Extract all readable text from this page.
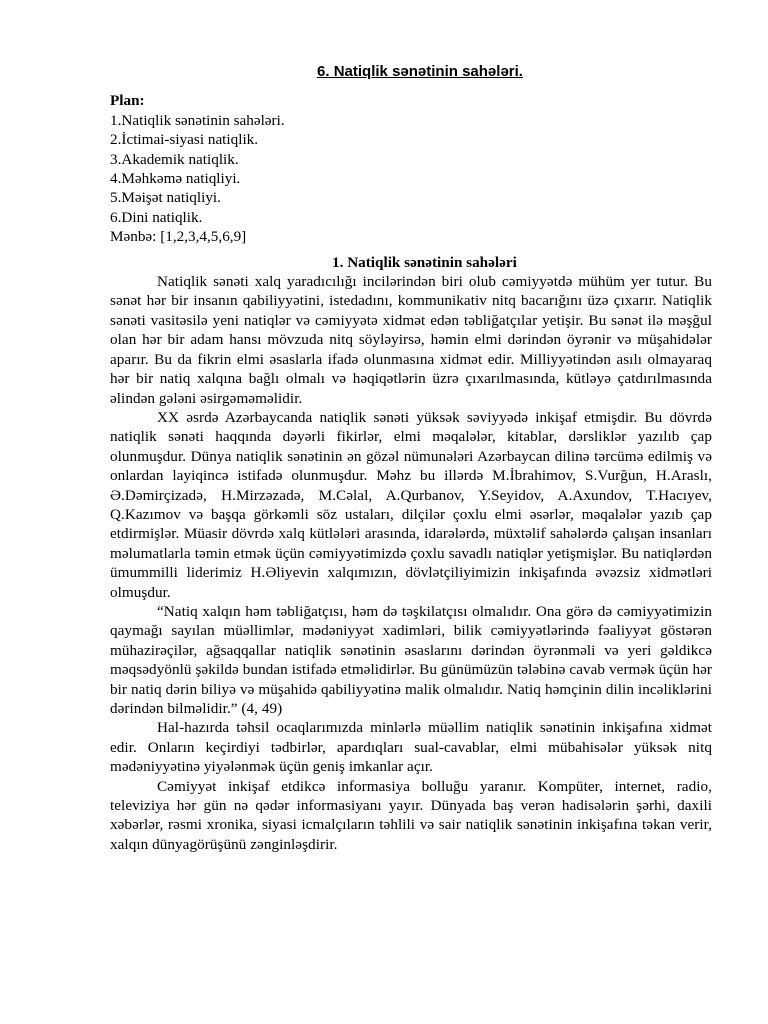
6. Natiqlik sənətinin sahələri.
Plan:
1.Natiqlik sənətinin sahələri.
2.İctimai-siyasi natiqlik.
3.Akademik natiqlik.
4.Məhkəmə natiqliyi.
5.Məişət natiqliyi.
6.Dini natiqlik.
Mənbə: [1,2,3,4,5,6,9]
1. Natiqlik sənətinin sahələri

Natiqlik sənəti xalq yaradıcılığı incilərindən biri olub cəmiyyətdə mühüm yer tutur. Bu sənət hər bir insanın qabiliyyətini, istedadını, kommunikativ nitq bacarığını üzə çıxarır. Natiqlik sənəti vasitəsilə yeni natiqlər və cəmiyyətə xidmət edən təbliğatçılar yetişir. Bu sənət ilə məşğul olan hər bir adam hansı mövzuda nitq söyləyirsə, həmin elmi dərindən öyrənir və müşahidələr aparır. Bu da fikrin elmi əsaslarla ifadə olunmasına xidmət edir. Milliyyətindən asılı olmayaraq hər bir natiq xalqına bağlı olmalı və həqiqətlərin üzrə çıxarılmasında, kütləyə çatdırılmasında əlindən gələni əsirgəməməlidir.

XX əsrdə Azərbaycanda natiqlik sənəti yüksək səviyyədə inkişaf etmişdir. Bu dövrdə natiqlik sənəti haqqında dəyərli fikirlər, elmi məqalələr, kitablar, dərsliklər yazılıb çap olunmuşdur. Dünya natiqlik sənətinin ən gözəl nümunələri Azərbaycan dilinə tərcümə edilmiş və onlardan layiqincə istifadə olunmuşdur. Məhz bu illərdə M.İbrahimov, S.Vurğun, H.Araslı, Ə.Dəmirçizadə, H.Mirzəzadə, M.Cəlal, A.Qurbanov, Y.Seyidov, A.Axundov, T.Hacıyev, Q.Kazımov və başqa görkəmli söz ustaları, dilçilər çoxlu elmi əsərlər, məqalələr yazıb çap etdirmişlər. Müasir dövrdə xalq kütlələri arasında, idarələrdə, müxtəlif sahələrdə çalışan insanları məlumatlarla təmin etmək üçün cəmiyyətimizdə çoxlu savadlı natiqlər yetişmişlər. Bu natiqlərdən ümummilli liderimiz H.Əliyevin xalqımızın, dövlətçiliyimizin inkişafında əvəzsiz xidmətləri olmuşdur.

“Natiq xalqın həm təbliğatçısı, həm də təşkilatçısı olmalıdır. Ona görə də cəmiyyətimizin qaymağı sayılan müəllimlər, mədəniyyət xadimləri, bilik cəmiyyətlərində fəaliyyət göstərən mühazirəçilər, ağsaqqallar natiqlik sənətinin əsaslarını dərindən öyrənməli və yeri gəldikcə məqsədyönlü şəkildə bundan istifadə etməlidirlər. Bu günümüzün tələbinə cavab vermək üçün hər bir natiq dərin biliyə və müşahidə qabiliyyətinə malik olmalıdır. Natiq həmçinin dilin incəliklərini dərindən bilməlidir.” (4, 49)

Hal-hazırda təhsil ocaqlarımızda minlərlə müəllim natiqlik sənətinin inkişafına xidmət edir. Onların keçirdiyi tədbirlər, apardıqları sual-cavablar, elmi mübahisələr yüksək nitq mədəniyyətinə yiyələnmək üçün geniş imkanlar açır.

Cəmiyyət inkişaf etdikcə informasiya bolluğu yaranır. Kompüter, internet, radio, televiziya hər gün nə qədər informasiyanı yayır. Dünyada baş verən hadisələrin şərhi, daxili xəbərlər, rəsmi xronika, siyasi icmalçıların təhlili və sair natiqlik sənətinin inkişafına təkan verir, xalqın dünyagörüşünü zənginləşdirir.
